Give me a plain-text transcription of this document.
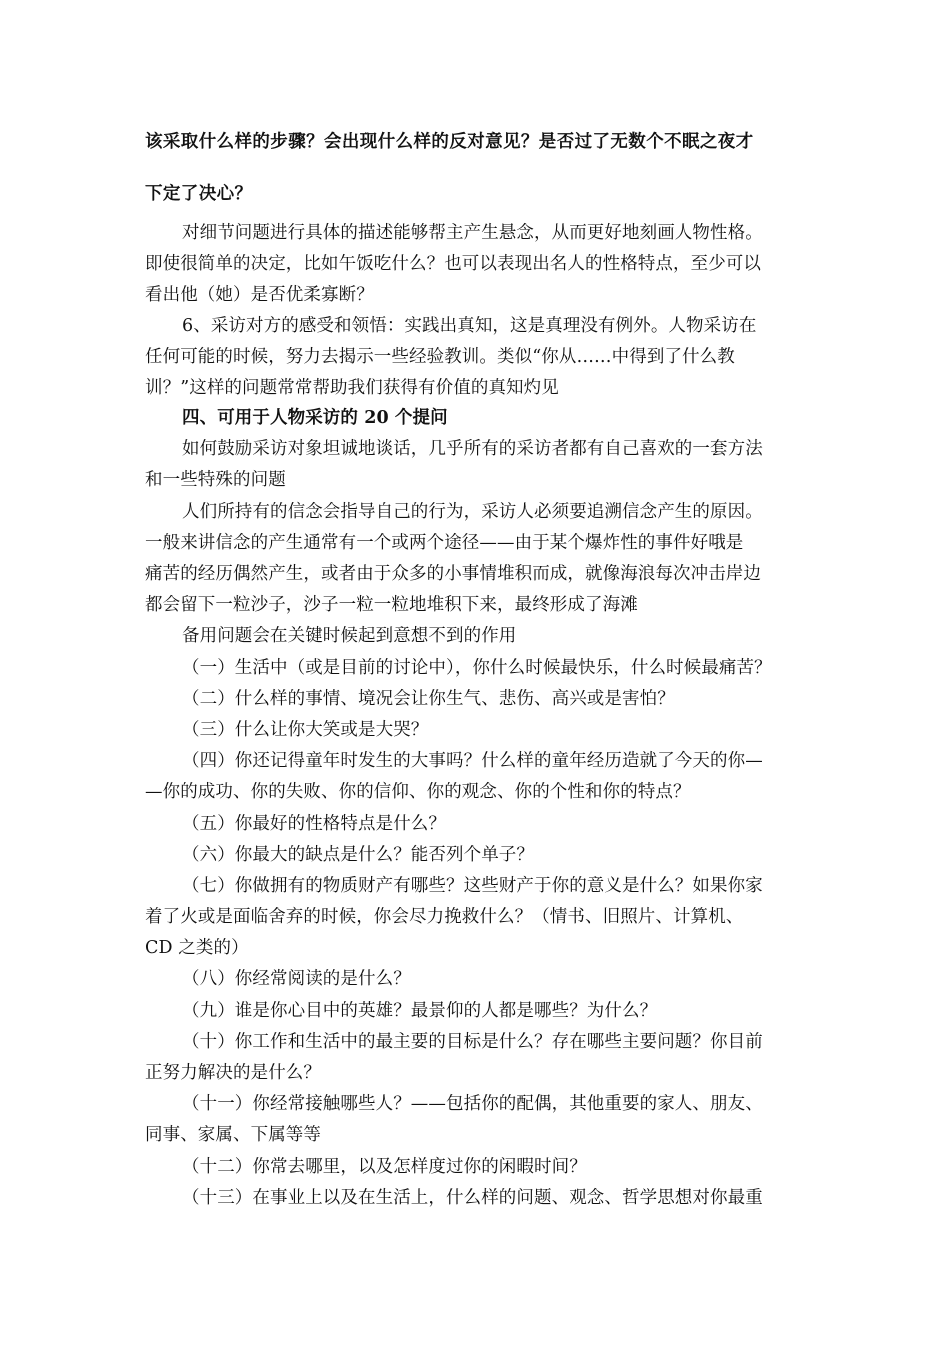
该采取什么样的步骤？会出现什么样的反对意见？是否过了无数个不眠之夜才

下定了决心？

对细节问题进行具体的描述能够帮主产生悬念，从而更好地刻画人物性格。

即使很简单的决定，比如午饭吃什么？也可以表现出名人的性格特点，至少可以

看出他（她）是否优柔寡断？

6、采访对方的感受和领悟：实践出真知，这是真理没有例外。人物采访在

任何可能的时候，努力去揭示一些经验教训。类似“你从……中得到了什么教

训？”这样的问题常常帮助我们获得有价值的真知灼见

四、可用于人物采访的 20 个提问

如何鼓励采访对象坦诚地谈话，几乎所有的采访者都有自己喜欢的一套方法

和一些特殊的问题

人们所持有的信念会指导自己的行为，采访人必须要追溯信念产生的原因。

一般来讲信念的产生通常有一个或两个途径——由于某个爆炸性的事件好哦是

痛苦的经历偶然产生，或者由于众多的小事情堆积而成，就像海浪每次冲击岸边

都会留下一粒沙子，沙子一粒一粒地堆积下来，最终形成了海滩

备用问题会在关键时候起到意想不到的作用

（一）生活中（或是目前的讨论中），你什么时候最快乐，什么时候最痛苦？

（二）什么样的事情、境况会让你生气、悲伤、高兴或是害怕？

（三）什么让你大笑或是大哭？

（四）你还记得童年时发生的大事吗？什么样的童年经历造就了今天的你—

—你的成功、你的失败、你的信仰、你的观念、你的个性和你的特点？

（五）你最好的性格特点是什么？

（六）你最大的缺点是什么？能否列个单子？

（七）你做拥有的物质财产有哪些？这些财产于你的意义是什么？如果你家

着了火或是面临舍弃的时候，你会尽力挽救什么？（情书、旧照片、计算机、

CD 之类的）

（八）你经常阅读的是什么？

（九）谁是你心目中的英雄？最景仰的人都是哪些？为什么？

（十）你工作和生活中的最主要的目标是什么？存在哪些主要问题？你目前

正努力解决的是什么？

（十一）你经常接触哪些人？——包括你的配偶，其他重要的家人、朋友、

同事、家属、下属等等

（十二）你常去哪里，以及怎样度过你的闲暇时间？

（十三）在事业上以及在生活上，什么样的问题、观念、哲学思想对你最重
